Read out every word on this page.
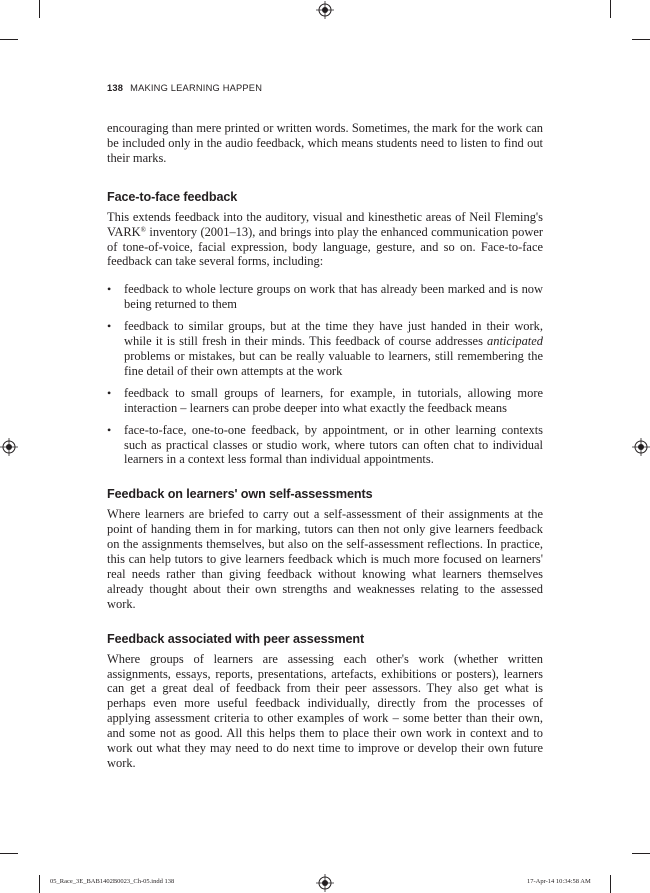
138 MAKING LEARNING HAPPEN

encouraging than mere printed or written words. Sometimes, the mark for the work can be included only in the audio feedback, which means students need to listen to find out their marks.

Face-to-face feedback

This extends feedback into the auditory, visual and kinesthetic areas of Neil Fleming's VARK® inventory (2001–13), and brings into play the enhanced communication power of tone-of-voice, facial expression, body language, gesture, and so on. Face-to-face feedback can take several forms, including:

• feedback to whole lecture groups on work that has already been marked and is now being returned to them
• feedback to similar groups, but at the time they have just handed in their work, while it is still fresh in their minds. This feedback of course addresses anticipated problems or mistakes, but can be really valuable to learners, still remembering the fine detail of their own attempts at the work
• feedback to small groups of learners, for example, in tutorials, allowing more interaction – learners can probe deeper into what exactly the feedback means
• face-to-face, one-to-one feedback, by appointment, or in other learning contexts such as practical classes or studio work, where tutors can often chat to individual learners in a context less formal than individual appointments.
Feedback on learners' own self-assessments

Where learners are briefed to carry out a self-assessment of their assignments at the point of handing them in for marking, tutors can then not only give learners feedback on the assignments themselves, but also on the self-assessment reflections. In practice, this can help tutors to give learners feedback which is much more focused on learners' real needs rather than giving feedback without knowing what learners themselves already thought about their own strengths and weaknesses relating to the assessed work.

Feedback associated with peer assessment

Where groups of learners are assessing each other's work (whether written assignments, essays, reports, presentations, artefacts, exhibitions or posters), learners can get a great deal of feedback from their peer assessors. They also get what is perhaps even more useful feedback individually, directly from the processes of applying assessment criteria to other examples of work – some better than their own, and some not as good. All this helps them to place their own work in context and to work out what they may need to do next time to improve or develop their own future work.

05_Race_3E_BAB1402B0023_Ch-05.indd 138	17-Apr-14 10:34:58 AM
